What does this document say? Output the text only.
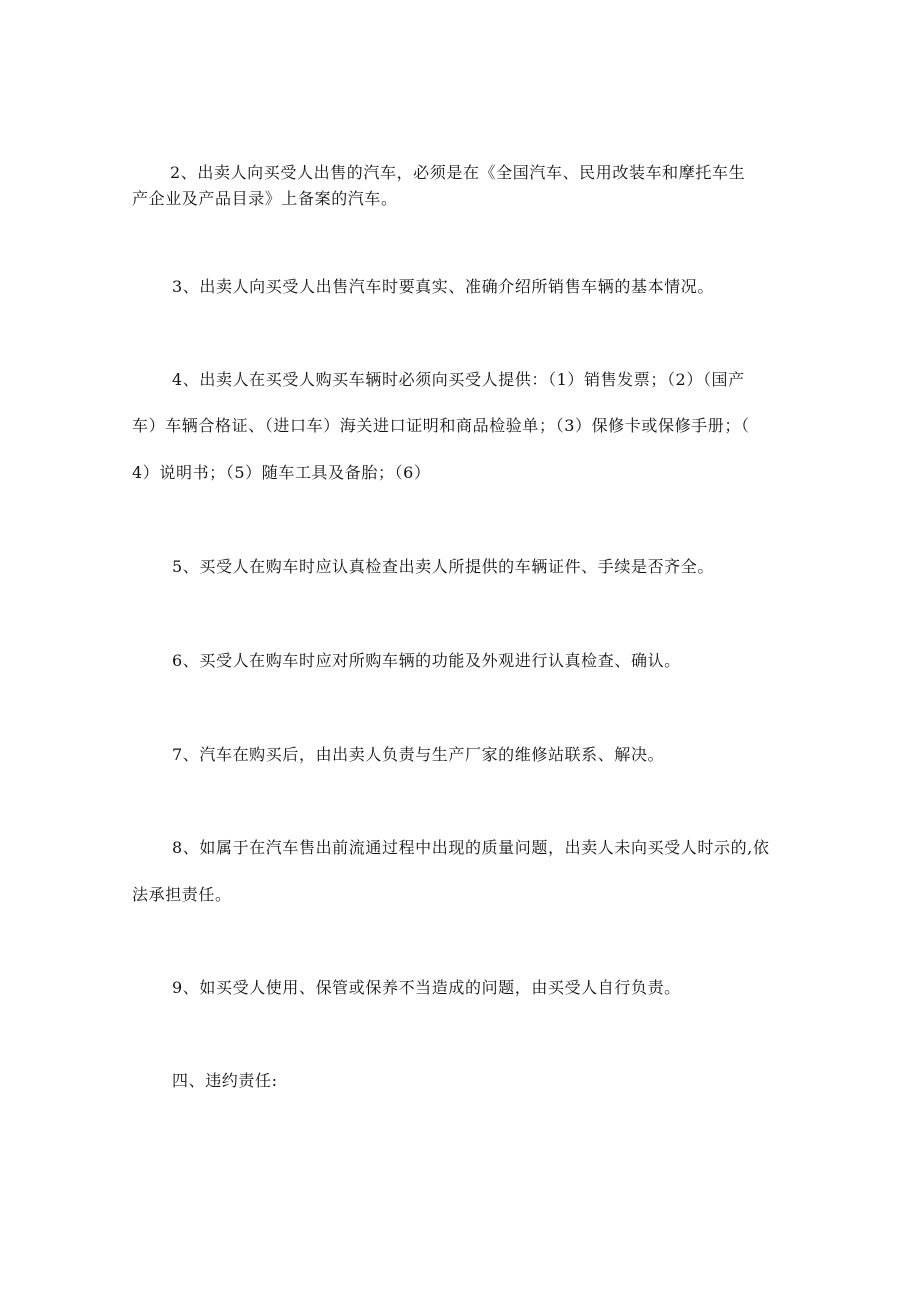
2、出卖人向买受人出售的汽车，必须是在《全国汽车、民用改装车和摩托车生
产企业及产品目录》上备案的汽车。
3、出卖人向买受人出售汽车时要真实、准确介绍所销售车辆的基本情况。
4、出卖人在买受人购买车辆时必须向买受人提供：（1）销售发票；（2）（国产
车）车辆合格证、（进口车）海关进口证明和商品检验单；（3）保修卡或保修手册；（
4）说明书；（5）随车工具及备胎；（6）
5、买受人在购车时应认真检查出卖人所提供的车辆证件、手续是否齐全。
6、买受人在购车时应对所购车辆的功能及外观进行认真检查、确认。
7、汽车在购买后，由出卖人负责与生产厂家的维修站联系、解决。
8、如属于在汽车售出前流通过程中出现的质量问题，出卖人未向买受人时示的,依
法承担责任。
9、如买受人使用、保管或保养不当造成的问题，由买受人自行负责。
四、违约责任:
